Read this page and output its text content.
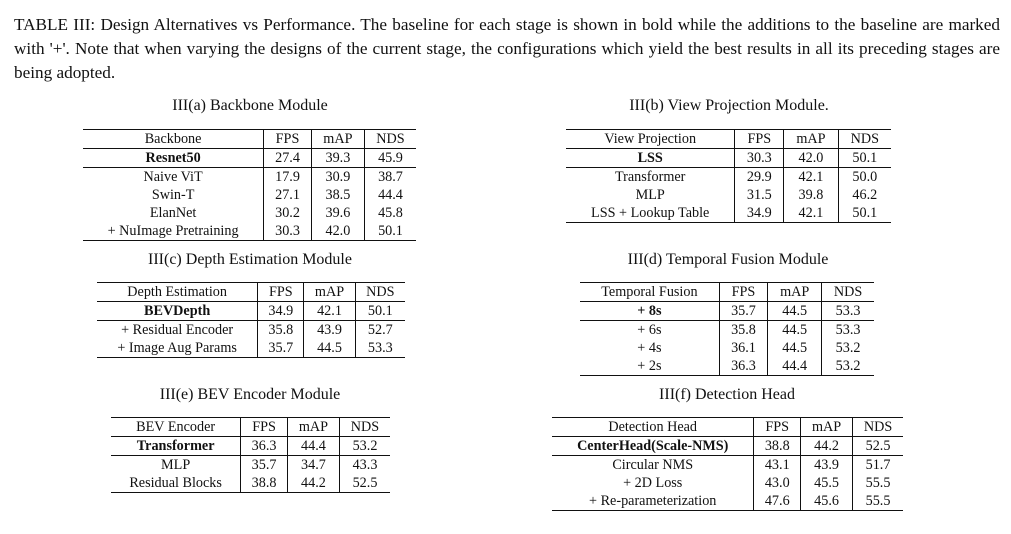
TABLE III: Design Alternatives vs Performance. The baseline for each stage is shown in bold while the additions to the baseline are marked with '+'. Note that when varying the designs of the current stage, the configurations which yield the best results in all its preceding stages are being adopted.
III(a) Backbone Module
Backbone	FPS	mAP	NDS
Resnet50	27.4	39.3	45.9
Naive ViT	17.9	30.9	38.7
Swin-T	27.1	38.5	44.4
ElanNet	30.2	39.6	45.8
+ NuImage Pretraining	30.3	42.0	50.1
III(b) View Projection Module.
View Projection	FPS	mAP	NDS
LSS	30.3	42.0	50.1
Transformer	29.9	42.1	50.0
MLP	31.5	39.8	46.2
LSS + Lookup Table	34.9	42.1	50.1
III(c) Depth Estimation Module
Depth Estimation	FPS	mAP	NDS
BEVDepth	34.9	42.1	50.1
+ Residual Encoder	35.8	43.9	52.7
+ Image Aug Params	35.7	44.5	53.3
III(d) Temporal Fusion Module
Temporal Fusion	FPS	mAP	NDS
+ 8s	35.7	44.5	53.3
+ 6s	35.8	44.5	53.3
+ 4s	36.1	44.5	53.2
+ 2s	36.3	44.4	53.2
III(e) BEV Encoder Module
BEV Encoder	FPS	mAP	NDS
Transformer	36.3	44.4	53.2
MLP	35.7	34.7	43.3
Residual Blocks	38.8	44.2	52.5
III(f) Detection Head
Detection Head	FPS	mAP	NDS
CenterHead(Scale-NMS)	38.8	44.2	52.5
Circular NMS	43.1	43.9	51.7
+ 2D Loss	43.0	45.5	55.5
+ Re-parameterization	47.6	45.6	55.5
